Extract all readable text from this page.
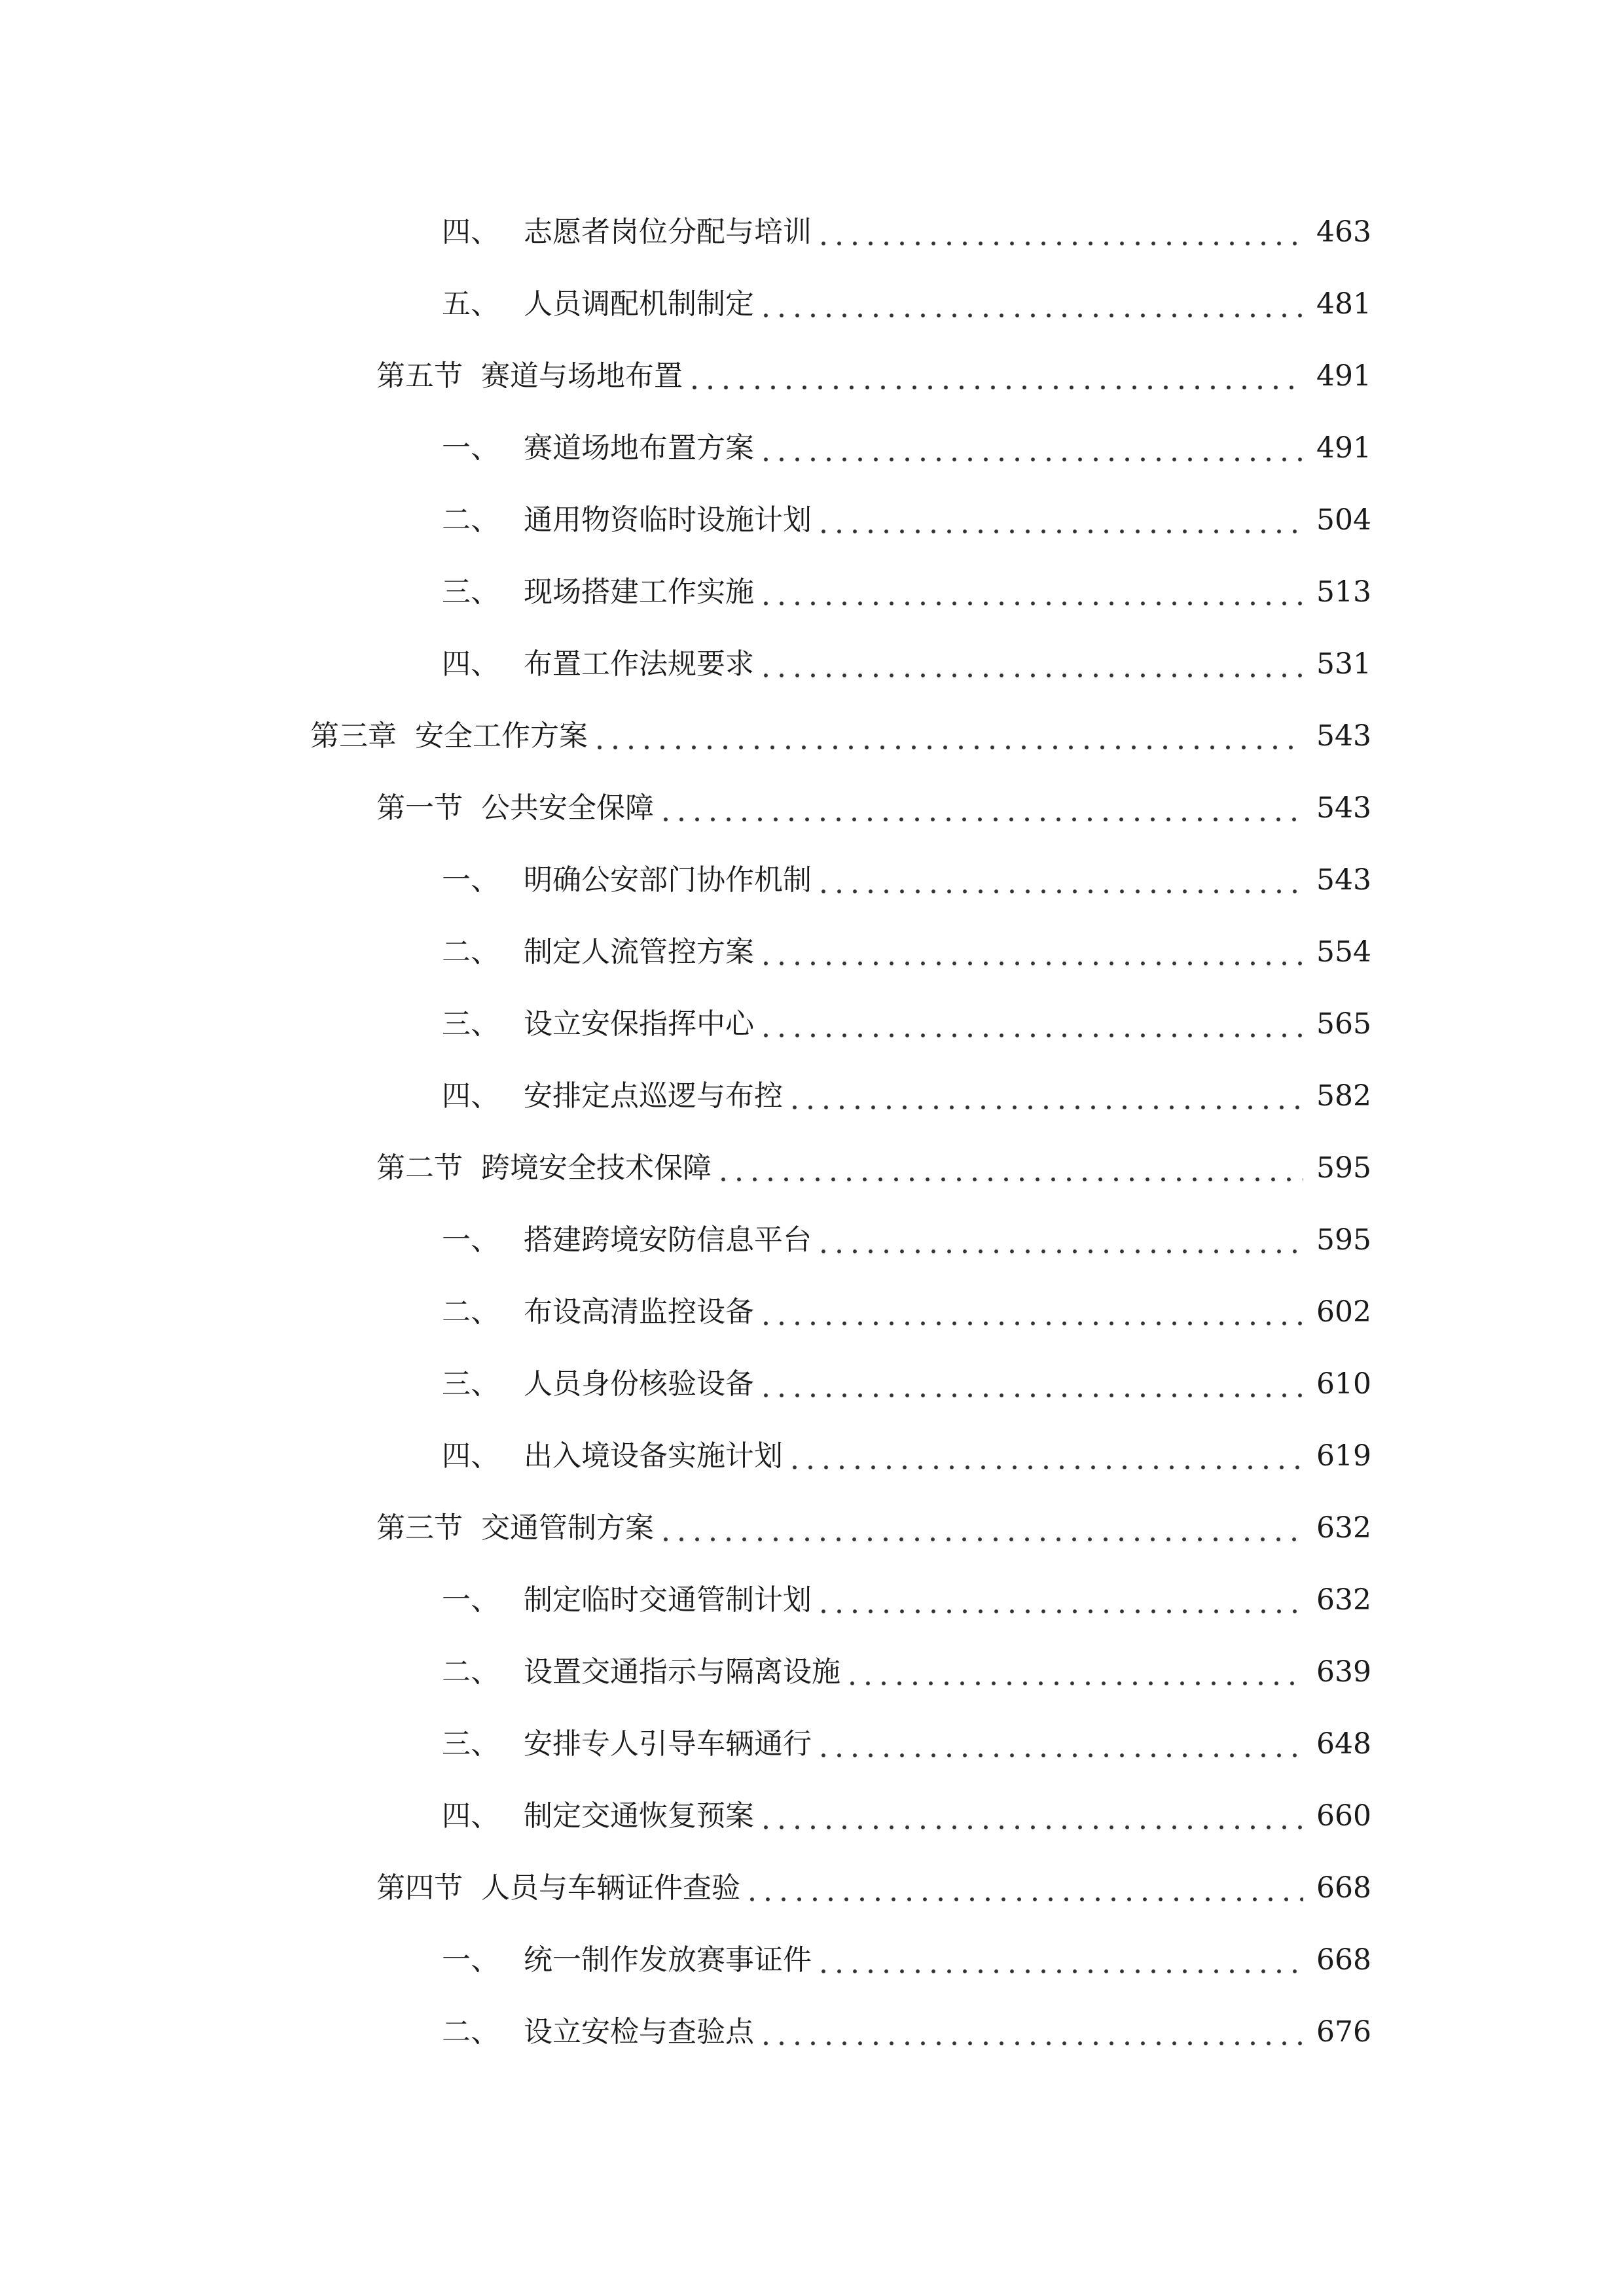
四、 志愿者岗位分配与培训	463
五、 人员调配机制制定	481
第五节 赛道与场地布置	491
一、 赛道场地布置方案	491
二、 通用物资临时设施计划	504
三、 现场搭建工作实施	513
四、 布置工作法规要求	531
第三章 安全工作方案	543
第一节 公共安全保障	543
一、 明确公安部门协作机制	543
二、 制定人流管控方案	554
三、 设立安保指挥中心	565
四、 安排定点巡逻与布控	582
第二节 跨境安全技术保障	595
一、 搭建跨境安防信息平台	595
二、 布设高清监控设备	602
三、 人员身份核验设备	610
四、 出入境设备实施计划	619
第三节 交通管制方案	632
一、 制定临时交通管制计划	632
二、 设置交通指示与隔离设施	639
三、 安排专人引导车辆通行	648
四、 制定交通恢复预案	660
第四节 人员与车辆证件查验	668
一、 统一制作发放赛事证件	668
二、 设立安检与查验点	676
